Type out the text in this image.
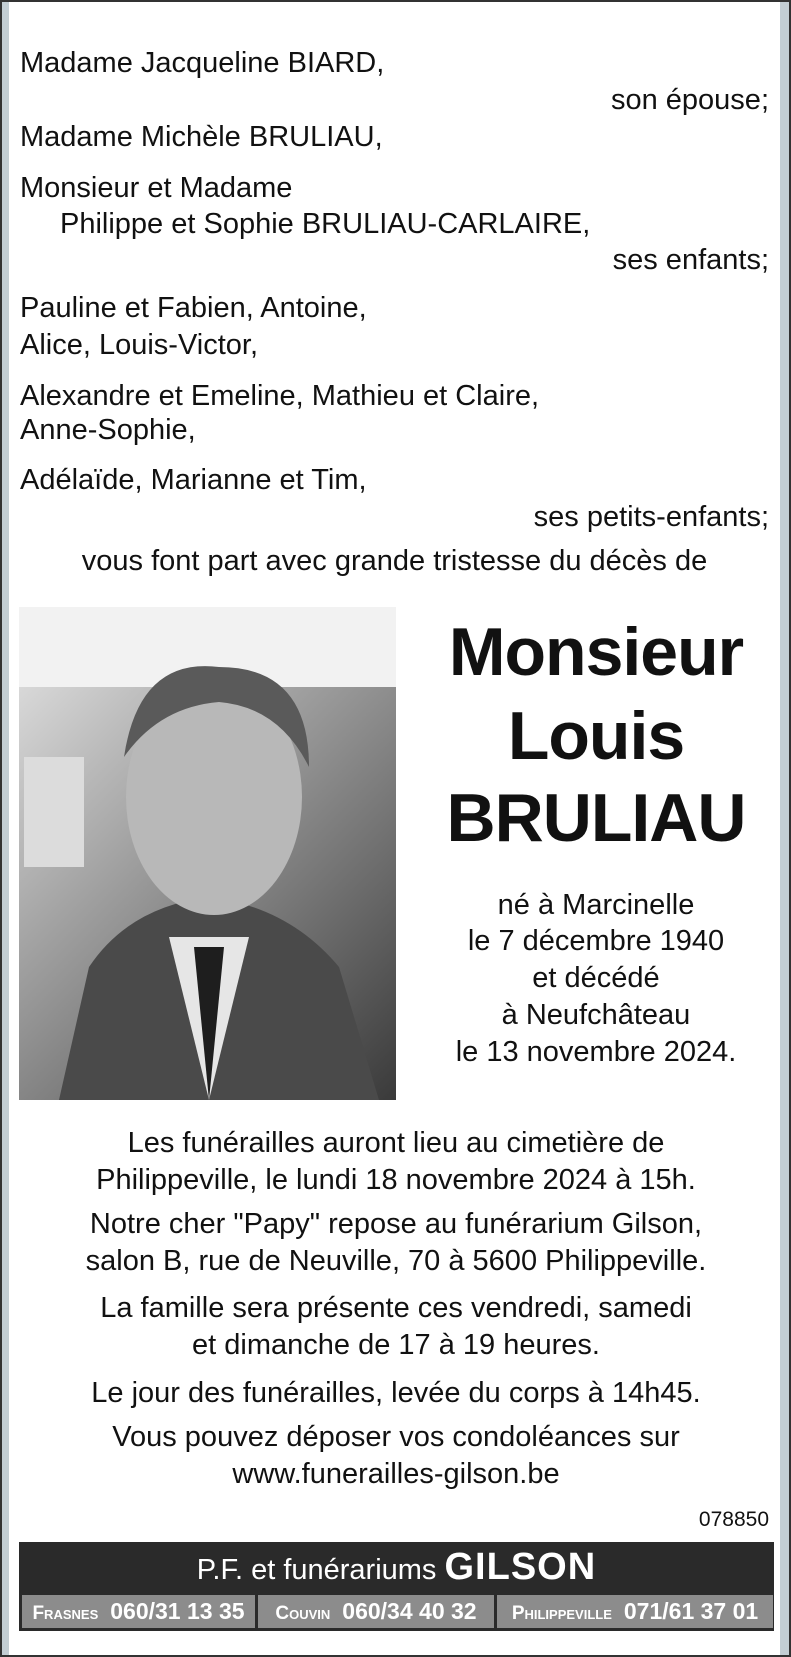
Madame Jacqueline BIARD,
son épouse;
Madame Michèle BRULIAU,
Monsieur et Madame
Philippe et Sophie BRULIAU-CARLAIRE,
ses enfants;
Pauline et Fabien, Antoine,
Alice, Louis-Victor,
Alexandre et Emeline, Mathieu et Claire,
Anne-Sophie,
Adélaïde, Marianne et Tim,
ses petits-enfants;
vous font part avec grande tristesse du décès de
Monsieur
Louis
BRULIAU
né à Marcinelle
le 7 décembre 1940
et décédé
à Neufchâteau
le 13 novembre 2024.
Les funérailles auront lieu au cimetière de
Philippeville, le lundi 18 novembre 2024 à 15h.
Notre cher "Papy" repose au funérarium Gilson,
salon B, rue de Neuville, 70 à 5600 Philippeville.
La famille sera présente ces vendredi, samedi
et dimanche de 17 à 19 heures.
Le jour des funérailles, levée du corps à 14h45.
Vous pouvez déposer vos condoléances sur
www.funerailles-gilson.be
078850
P.F. et funérariums GILSON
Frasnes 060/31 13 35	Couvin 060/34 40 32	Philippeville 071/61 37 01
